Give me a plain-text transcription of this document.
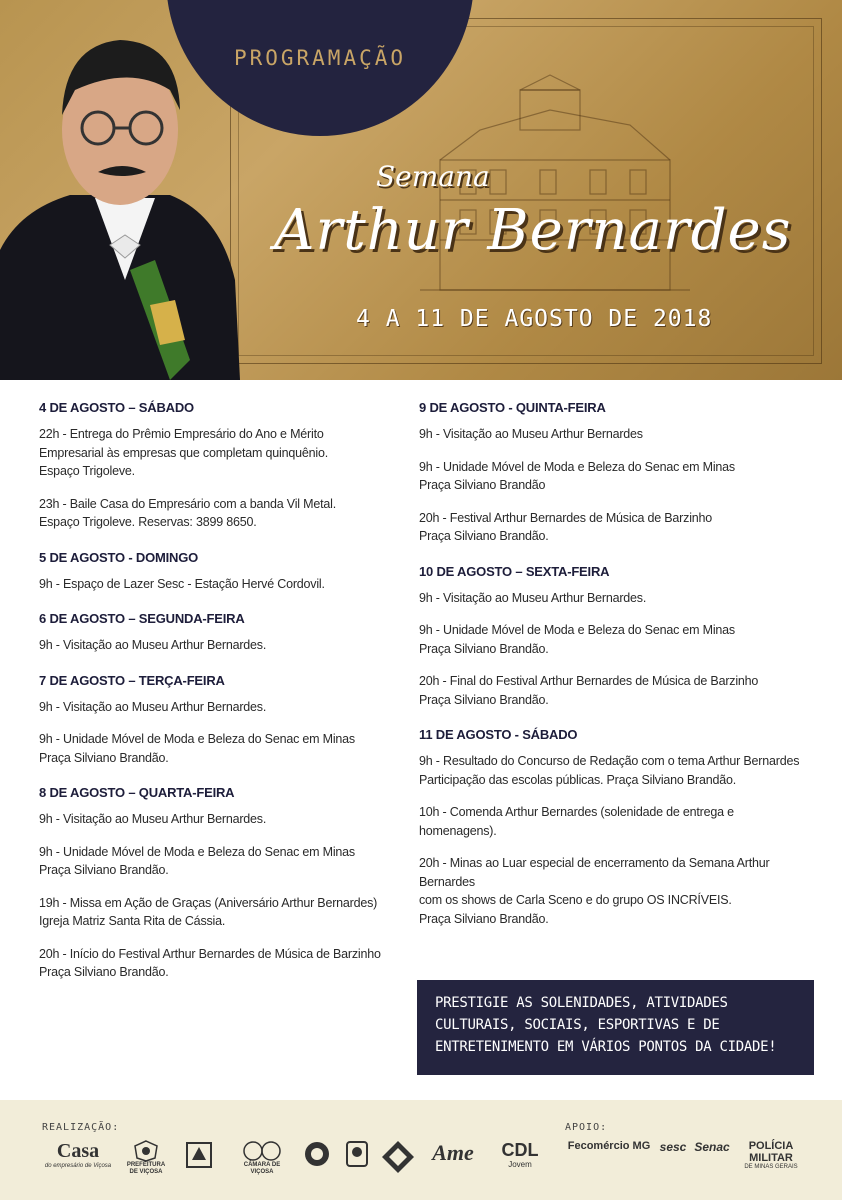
PROGRAMAÇÃO
Semana
Arthur Bernardes
4 A 11 DE AGOSTO DE 2018
4 DE AGOSTO – SÁBADO
22h - Entrega do Prêmio Empresário do Ano e Mérito
Empresarial às empresas que completam quinquênio.
Espaço Trigoleve.
23h - Baile Casa do Empresário com a banda Vil Metal.
Espaço Trigoleve. Reservas: 3899 8650.
5 DE AGOSTO - DOMINGO
9h - Espaço de Lazer Sesc - Estação Hervé Cordovil.
6 DE AGOSTO – SEGUNDA-FEIRA
9h - Visitação ao Museu Arthur Bernardes.
7 DE AGOSTO – TERÇA-FEIRA
9h - Visitação ao Museu Arthur Bernardes.
9h - Unidade Móvel de Moda e Beleza do Senac em Minas
Praça Silviano Brandão.
8 DE AGOSTO – QUARTA-FEIRA
9h - Visitação ao Museu Arthur Bernardes.
9h - Unidade Móvel de Moda e Beleza do Senac em Minas
Praça Silviano Brandão.
19h - Missa em Ação de Graças (Aniversário Arthur Bernardes)
Igreja Matriz Santa Rita de Cássia.
20h - Início do Festival Arthur Bernardes de Música de Barzinho
Praça Silviano Brandão.
9 DE AGOSTO - QUINTA-FEIRA
9h - Visitação ao Museu Arthur Bernardes
9h - Unidade Móvel de Moda e Beleza do Senac em Minas
Praça Silviano Brandão
20h - Festival Arthur Bernardes de Música de Barzinho
Praça Silviano Brandão.
10 DE AGOSTO – SEXTA-FEIRA
9h - Visitação ao Museu Arthur Bernardes.
9h - Unidade Móvel de Moda e Beleza do Senac em Minas
Praça Silviano Brandão.
20h - Final do Festival Arthur Bernardes de Música de Barzinho
Praça Silviano Brandão.
11 DE AGOSTO - SÁBADO
9h - Resultado do Concurso de Redação com o tema Arthur Bernardes
Participação das escolas públicas. Praça Silviano Brandão.
10h - Comenda Arthur Bernardes (solenidade de entrega e homenagens).
20h - Minas ao Luar especial de encerramento da Semana Arthur Bernardes
com os shows de Carla Sceno e do grupo OS INCRÍVEIS.
Praça Silviano Brandão.
PRESTIGIE AS SOLENIDADES, ATIVIDADES
CULTURAIS, SOCIAIS, ESPORTIVAS E DE
ENTRETENIMENTO EM VÁRIOS PONTOS DA CIDADE!
REALIZAÇÃO:	APOIO:
Casa
do empresário de Viçosa	PREFEITURA DE VIÇOSA
CÂMARA DE VIÇOSA
Ame CDL
Jovem
Fecomércio MG sesc Senac	POLÍCIA MILITAR
DE MINAS GERAIS
